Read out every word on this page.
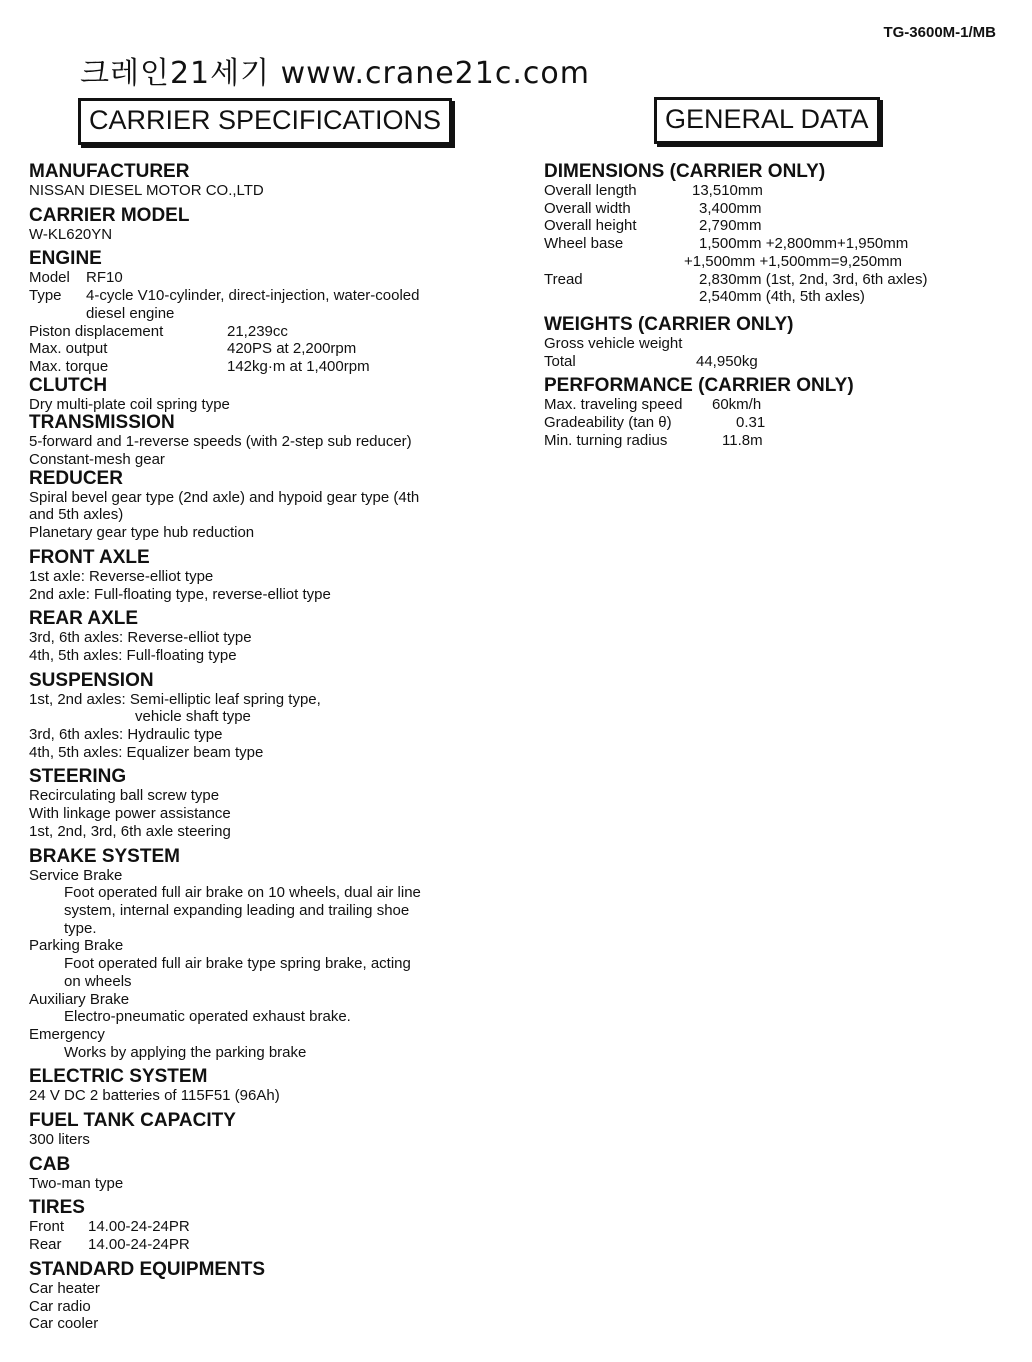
TG-3600M-1/MB
크레인21세기 www.crane21c.com
CARRIER SPECIFICATIONS	GENERAL DATA
MANUFACTURER
NISSAN DIESEL MOTOR CO.,LTD
CARRIER MODEL
W-KL620YN
ENGINE
Model	RF10
Type	4-cycle V10-cylinder, direct-injection, water-cooled
diesel engine
Piston displacement	21,239cc
Max. output	420PS at 2,200rpm
Max. torque	142kg·m at 1,400rpm
CLUTCH
Dry multi-plate coil spring type
TRANSMISSION
5-forward and 1-reverse speeds (with 2-step sub reducer)
Constant-mesh gear
REDUCER
Spiral bevel gear type (2nd axle) and hypoid gear type (4th
and 5th axles)
Planetary gear type hub reduction
FRONT AXLE
1st axle: Reverse-elliot type
2nd axle: Full-floating type, reverse-elliot type
REAR AXLE
3rd, 6th axles: Reverse-elliot type
4th, 5th axles: Full-floating type
SUSPENSION
1st, 2nd axles: Semi-elliptic leaf spring type,
vehicle shaft type
3rd, 6th axles: Hydraulic type
4th, 5th axles: Equalizer beam type
STEERING
Recirculating ball screw type
With linkage power assistance
1st, 2nd, 3rd, 6th axle steering
BRAKE SYSTEM
Service Brake
Foot operated full air brake on 10 wheels, dual air line
system, internal expanding leading and trailing shoe
type.
Parking Brake
Foot operated full air brake type spring brake, acting
on wheels
Auxiliary Brake
Electro-pneumatic operated exhaust brake.
Emergency
Works by applying the parking brake
ELECTRIC SYSTEM
24 V DC 2 batteries of 115F51 (96Ah)
FUEL TANK CAPACITY
300 liters
CAB
Two-man type
TIRES
Front	14.00-24-24PR
Rear	14.00-24-24PR
STANDARD EQUIPMENTS
Car heater
Car radio
Car cooler
DIMENSIONS (CARRIER ONLY)
Overall length	13,510mm
Overall width	3,400mm
Overall height	2,790mm
Wheel base	1,500mm +2,800mm+1,950mm
+1,500mm +1,500mm=9,250mm
Tread	2,830mm (1st, 2nd, 3rd, 6th axles)
2,540mm (4th, 5th axles)
WEIGHTS (CARRIER ONLY)
Gross vehicle weight
Total	44,950kg
PERFORMANCE (CARRIER ONLY)
Max. traveling speed	60km/h
Gradeability (tan θ)	0.31
Min. turning radius	11.8m
